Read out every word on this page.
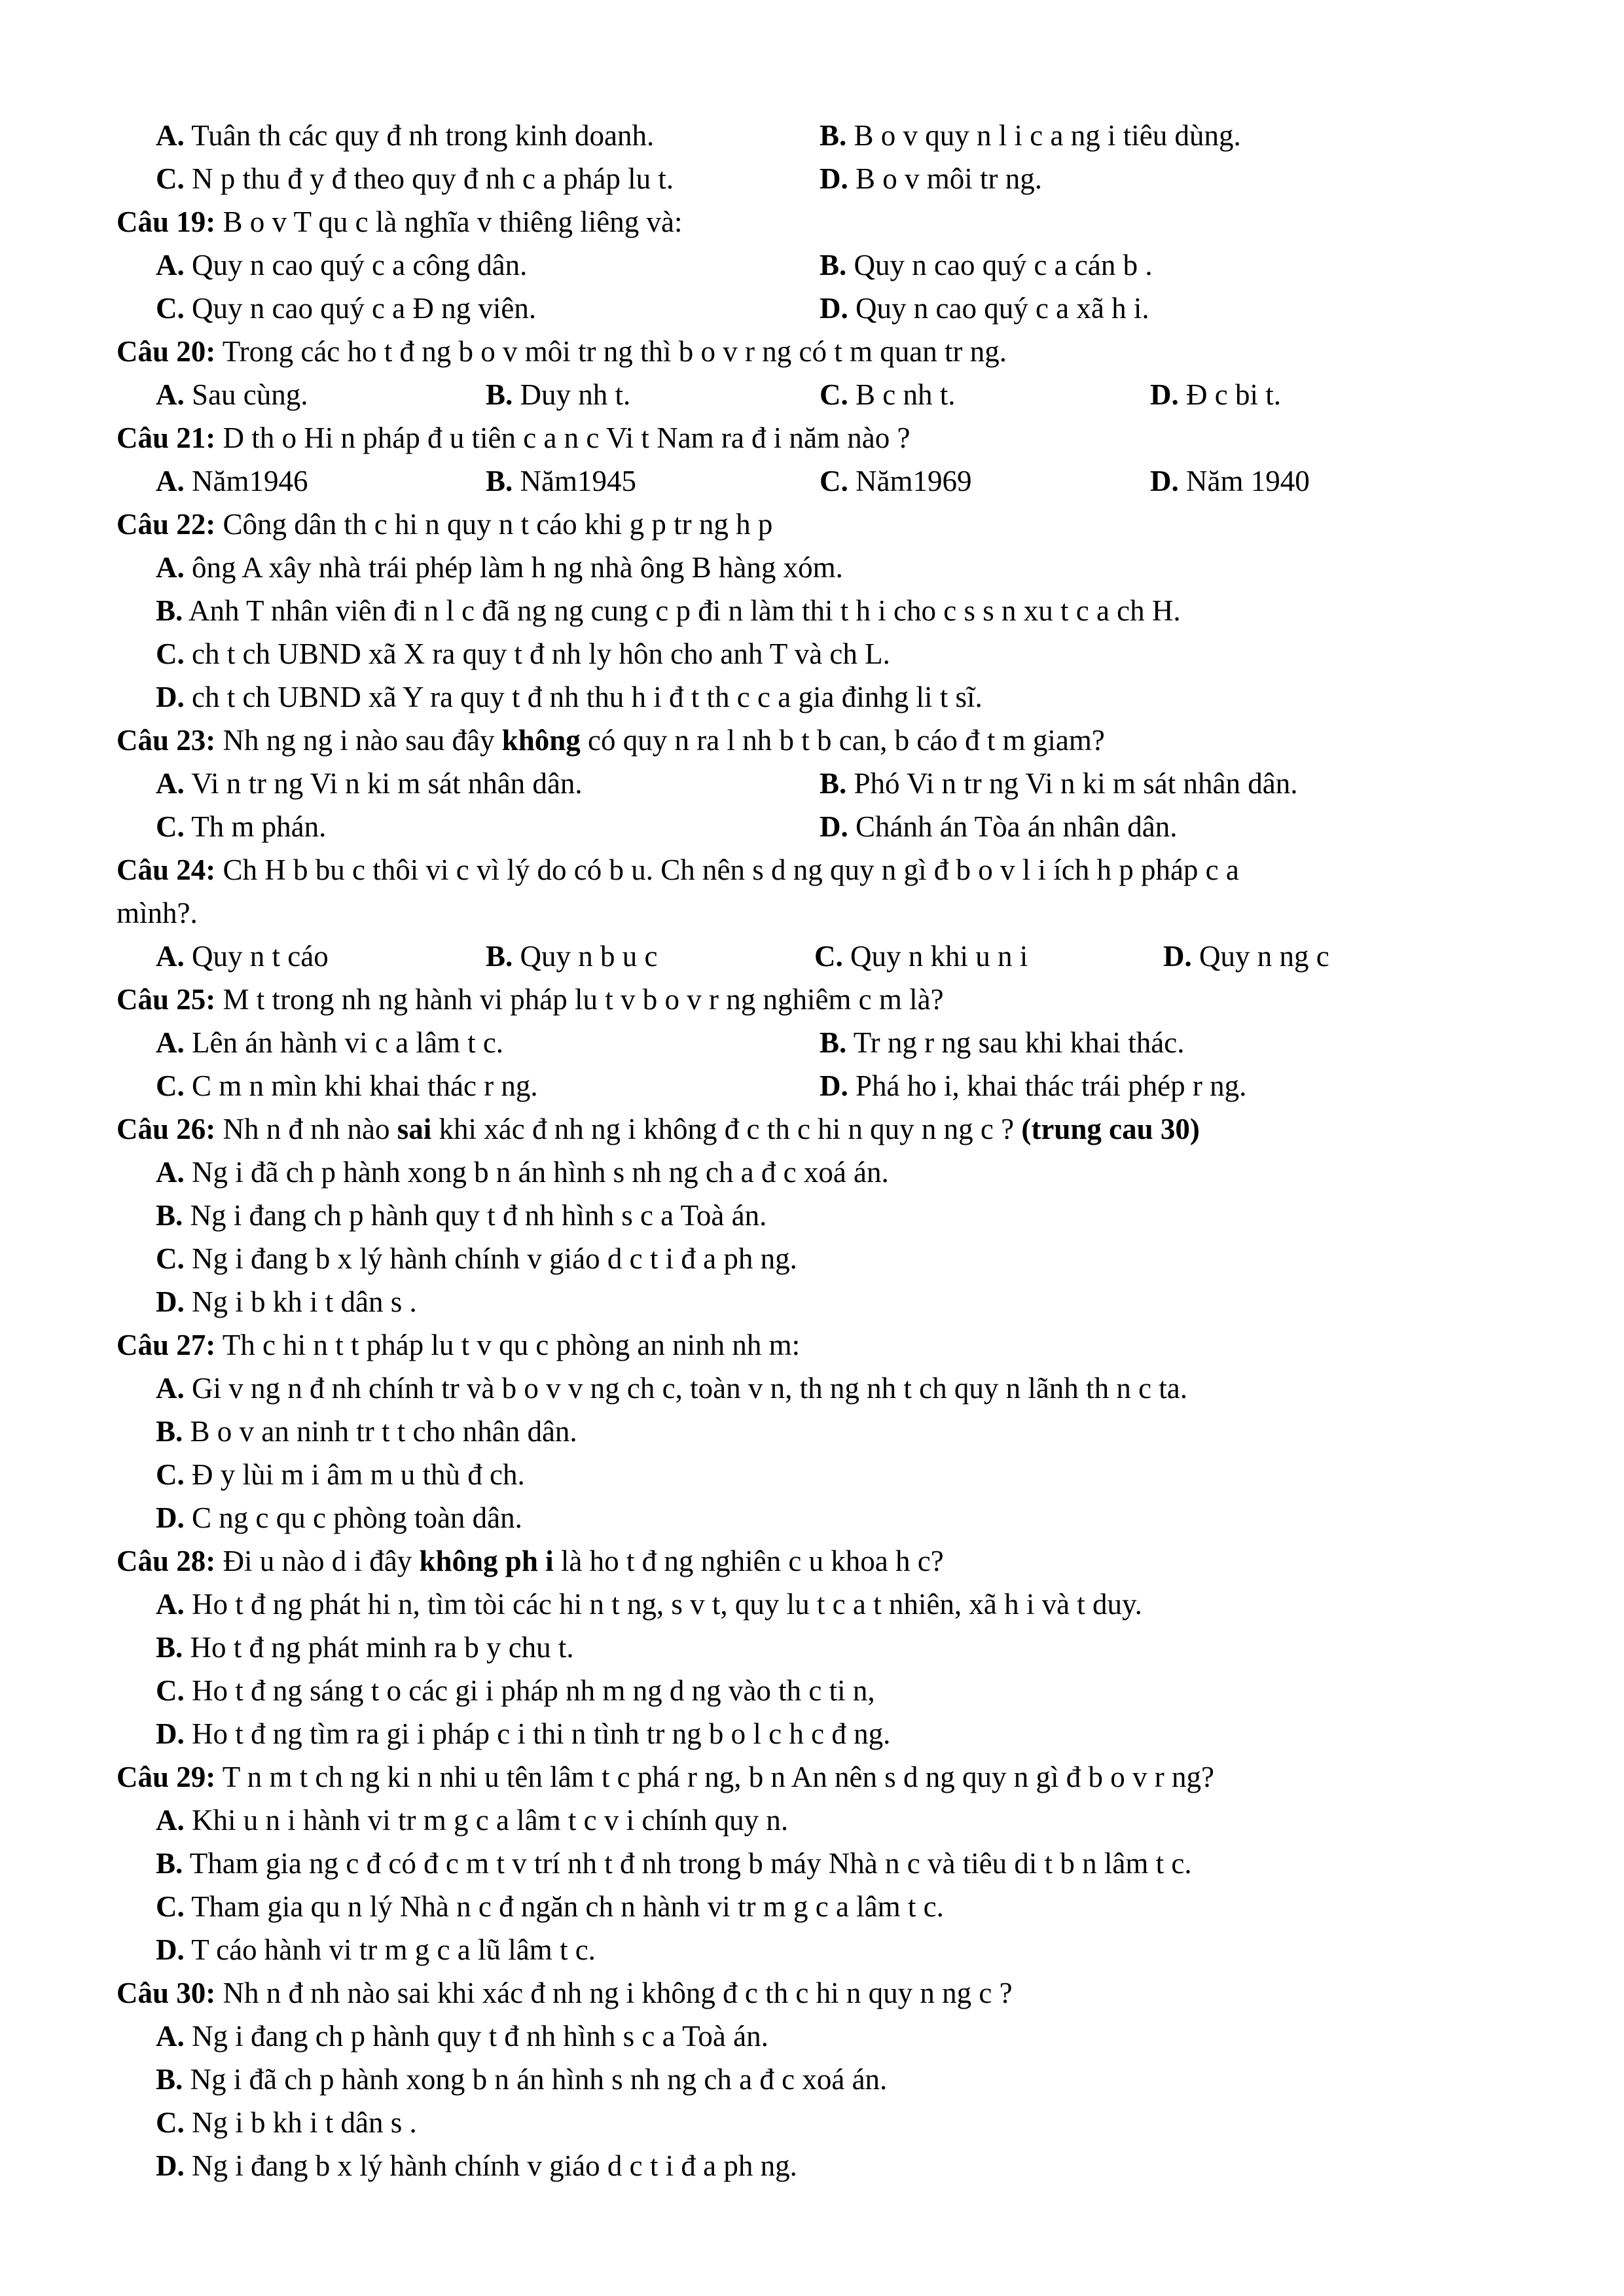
A. Tuân th các quy đ nh trong kinh doanh.	B. B o v quy n l i c a ng i tiêu dùng.
C. N p thu đ y đ theo quy đ nh c a pháp lu t.	D. B o v môi tr ng.
Câu 19: B o v T qu c là nghĩa v thiêng liêng và:
A. Quy n cao quý c a công dân.	B. Quy n cao quý c a cán b .
C. Quy n cao quý c a Đ ng viên.	D. Quy n cao quý c a xã h i.
Câu 20: Trong các ho t đ ng b o v môi tr ng thì b o v r ng có t m quan tr ng.
A. Sau cùng.	B. Duy nh t.	C. B c nh t.	D. Đ c bi t.
Câu 21: D th o Hi n pháp đ u tiên c a n c Vi t Nam ra đ i năm nào ?
A. Năm1946	B. Năm1945	C. Năm1969	D. Năm 1940
Câu 22: Công dân th c hi n quy n t cáo khi g p tr ng h p
A. ông A xây nhà trái phép làm h ng nhà ông B hàng xóm.
B. Anh T nhân viên đi n l c đã ng ng cung c p đi n làm thi t h i cho c s s n xu t c a ch H.
C. ch t ch UBND xã X ra quy t đ nh ly hôn cho anh T và ch L.
D. ch t ch UBND xã Y ra quy t đ nh thu h i đ t th c c a gia đinhg li t sĩ.
Câu 23: Nh ng ng i nào sau đây không có quy n ra l nh b t b can, b cáo đ t m giam?
A. Vi n tr ng Vi n ki m sát nhân dân.	B. Phó Vi n tr ng Vi n ki m sát nhân dân.
C. Th m phán.	D. Chánh án Tòa án nhân dân.
Câu 24: Ch H b bu c thôi vi c vì lý do có b u. Ch nên s d ng quy n gì đ b o v l i ích h p pháp c a
mình?.
A. Quy n t cáo	B. Quy n b u c	C. Quy n khi u n i	D. Quy n ng c
Câu 25: M t trong nh ng hành vi pháp lu t v b o v r ng nghiêm c m là?
A. Lên án hành vi c a lâm t c.	B. Tr ng r ng sau khi khai thác.
C. C m n mìn khi khai thác r ng.	D. Phá ho i, khai thác trái phép r ng.
Câu 26: Nh n đ nh nào sai khi xác đ nh ng i không đ c th c hi n quy n ng c ? (trung cau 30)
A. Ng i đã ch p hành xong b n án hình s nh ng ch a đ c xoá án.
B. Ng i đang ch p hành quy t đ nh hình s c a Toà án.
C. Ng i đang b x lý hành chính v giáo d c t i đ a ph ng.
D. Ng i b kh i t dân s .
Câu 27: Th c hi n t t pháp lu t v qu c phòng an ninh nh m:
A. Gi v ng n đ nh chính tr và b o v v ng ch c, toàn v n, th ng nh t ch quy n lãnh th n c ta.
B. B o v an ninh tr t t cho nhân dân.
C. Đ y lùi m i âm m u thù đ ch.
D. C ng c qu c phòng toàn dân.
Câu 28: Đi u nào d i đây không ph i là ho t đ ng nghiên c u khoa h c?
A. Ho t đ ng phát hi n, tìm tòi các hi n t ng, s v t, quy lu t c a t nhiên, xã h i và t duy.
B. Ho t đ ng phát minh ra b y chu t.
C. Ho t đ ng sáng t o các gi i pháp nh m ng d ng vào th c ti n,
D. Ho t đ ng tìm ra gi i pháp c i thi n tình tr ng b o l c h c đ ng.
Câu 29: T n m t ch ng ki n nhi u tên lâm t c phá r ng, b n An nên s d ng quy n gì đ b o v r ng?
A. Khi u n i hành vi tr m g c a lâm t c v i chính quy n.
B. Tham gia ng c đ có đ c m t v trí nh t đ nh trong b máy Nhà n c và tiêu di t b n lâm t c.
C. Tham gia qu n lý Nhà n c đ ngăn ch n hành vi tr m g c a lâm t c.
D. T cáo hành vi tr m g c a lũ lâm t c.
Câu 30: Nh n đ nh nào sai khi xác đ nh ng i không đ c th c hi n quy n ng c ?
A. Ng i đang ch p hành quy t đ nh hình s c a Toà án.
B. Ng i đã ch p hành xong b n án hình s nh ng ch a đ c xoá án.
C. Ng i b kh i t dân s .
D. Ng i đang b x lý hành chính v giáo d c t i đ a ph ng.
